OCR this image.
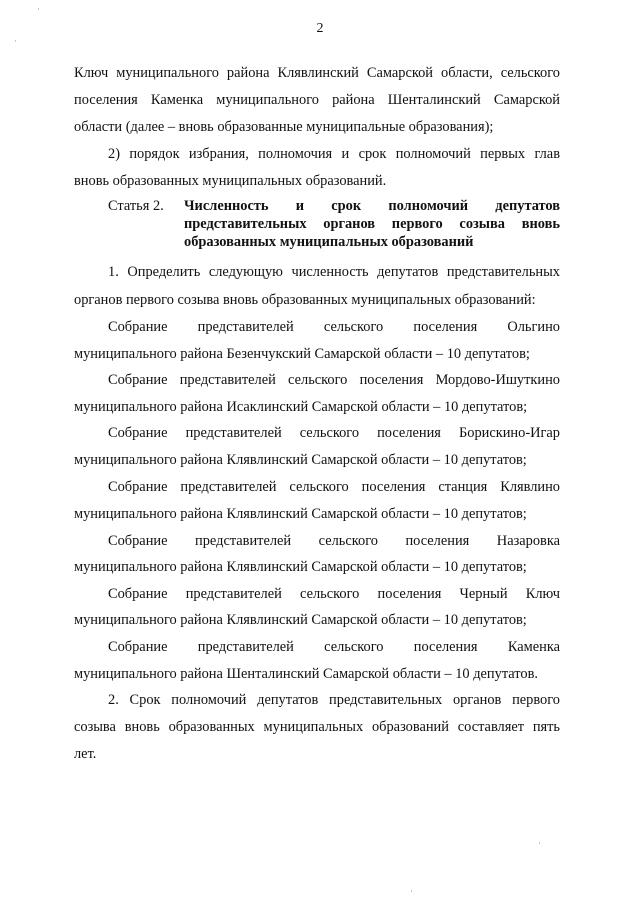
2
Ключ муниципального района Клявлинский Самарской области, сельского
поселения Каменка муниципального района Шенталинский Самарской
области (далее – вновь образованные муниципальные образования);
2) порядок избрания, полномочия и срок полномочий первых глав
вновь образованных муниципальных образований.
Статья 2.	Численность и срок полномочий депутатов
представительных органов первого созыва вновь
образованных муниципальных образований
1. Определить следующую численность депутатов представительных
органов первого созыва вновь образованных муниципальных образований:
Собрание представителей сельского поселения Ольгино
муниципального района Безенчукский Самарской области – 10 депутатов;
Собрание представителей сельского поселения Мордово-Ишуткино
муниципального района Исаклинский Самарской области – 10 депутатов;
Собрание представителей сельского поселения Борискино-Игар
муниципального района Клявлинский Самарской области – 10 депутатов;
Собрание представителей сельского поселения станция Клявлино
муниципального района Клявлинский Самарской области – 10 депутатов;
Собрание представителей сельского поселения Назаровка
муниципального района Клявлинский Самарской области – 10 депутатов;
Собрание представителей сельского поселения Черный Ключ
муниципального района Клявлинский Самарской области – 10 депутатов;
Собрание представителей сельского поселения Каменка
муниципального района Шенталинский Самарской области – 10 депутатов.
2. Срок полномочий депутатов представительных органов первого
созыва вновь образованных муниципальных образований составляет пять
лет.
·
·
·
·
